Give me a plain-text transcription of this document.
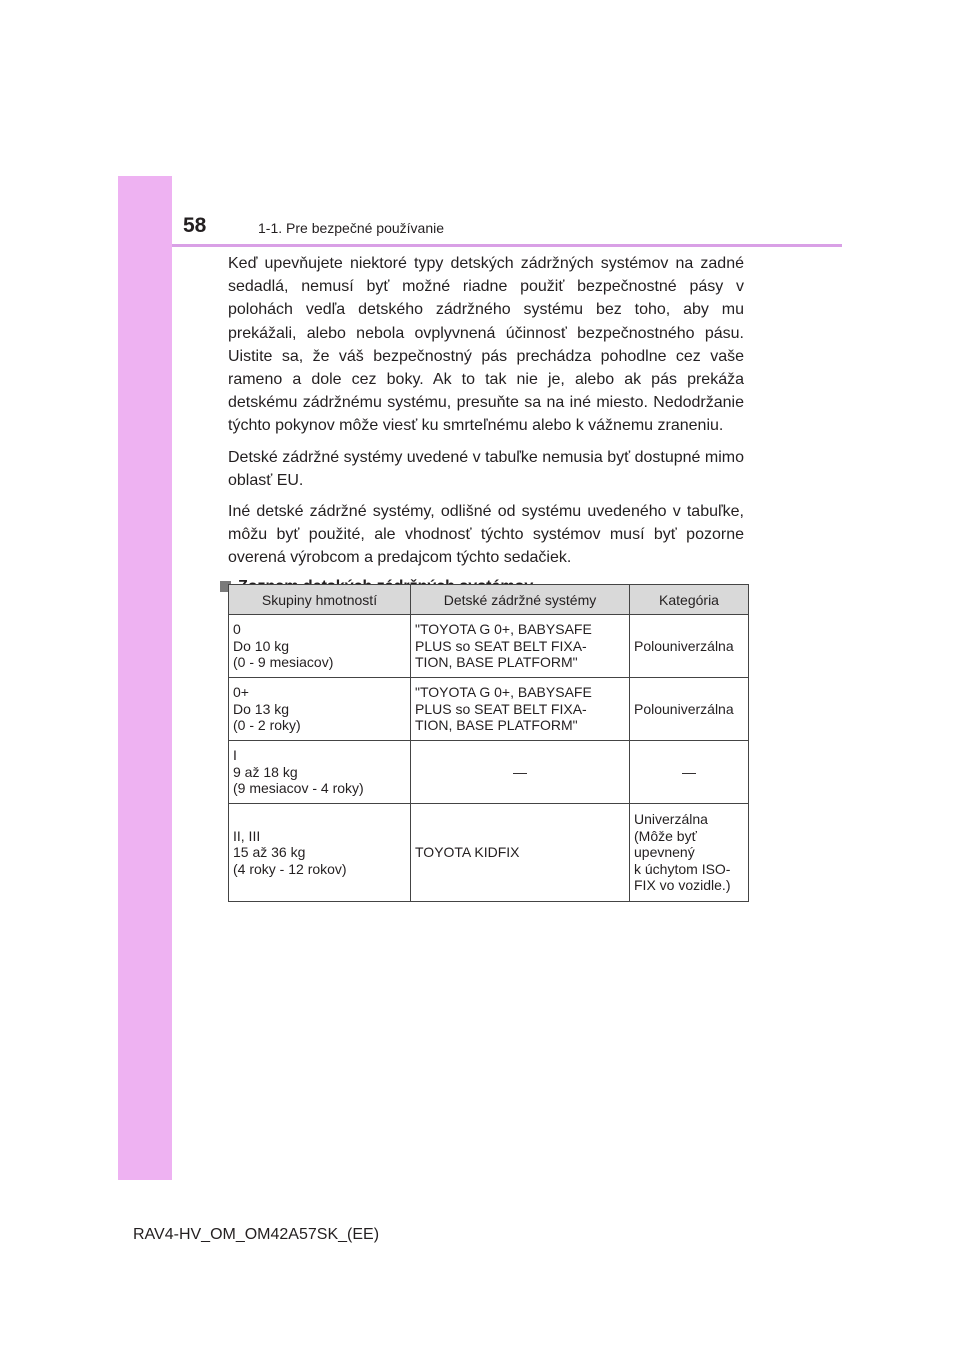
58	1-1. Pre bezpečné používanie

Keď upevňujete niektoré typy detských zádržných systémov na zadné sedadlá, nemusí byť možné riadne použiť bezpečnostné pásy v polohách vedľa detského zádržného systému bez toho, aby mu prekážali, alebo nebola ovplyvnená účinnosť bezpečnostného pásu. Uistite sa, že váš bezpečnostný pás prechádza pohodlne cez vaše rameno a dole cez boky. Ak to tak nie je, alebo ak pás prekáža detskému zádržnému systému, presuňte sa na iné miesto. Nedodržanie týchto pokynov môže viesť ku smrteľnému alebo k vážnemu zraneniu.

Detské zádržné systémy uvedené v tabuľke nemusia byť dostupné mimo oblasť EU.

Iné detské zádržné systémy, odlišné od systému uvedeného v tabuľke, môžu byť použité, ale vhodnosť týchto systémov musí byť pozorne overená výrobcom a predajcom týchto sedačiek.

Skupiny hmotností	Detské zádržné systémy	Kategória

0
Do 10 kg
(0 - 9 mesiacov)	"TOYOTA G 0+, BABYSAFE
PLUS so SEAT BELT FIXA-
TION, BASE PLATFORM"	Polouniverzálna

0+
Do 13 kg
(0 - 2 roky)	"TOYOTA G 0+, BABYSAFE
PLUS so SEAT BELT FIXA-
TION, BASE PLATFORM"	Polouniverzálna

I
9 až 18 kg
(9 mesiacov - 4 roky)	—	—

II, III
15 až 36 kg
(4 roky - 12 rokov)	TOYOTA KIDFIX	Univerzálna
(Môže byť
upevnený
k úchytom ISO-
FIX vo vozidle.)
RAV4-HV_OM_OM42A57SK_(EE)
